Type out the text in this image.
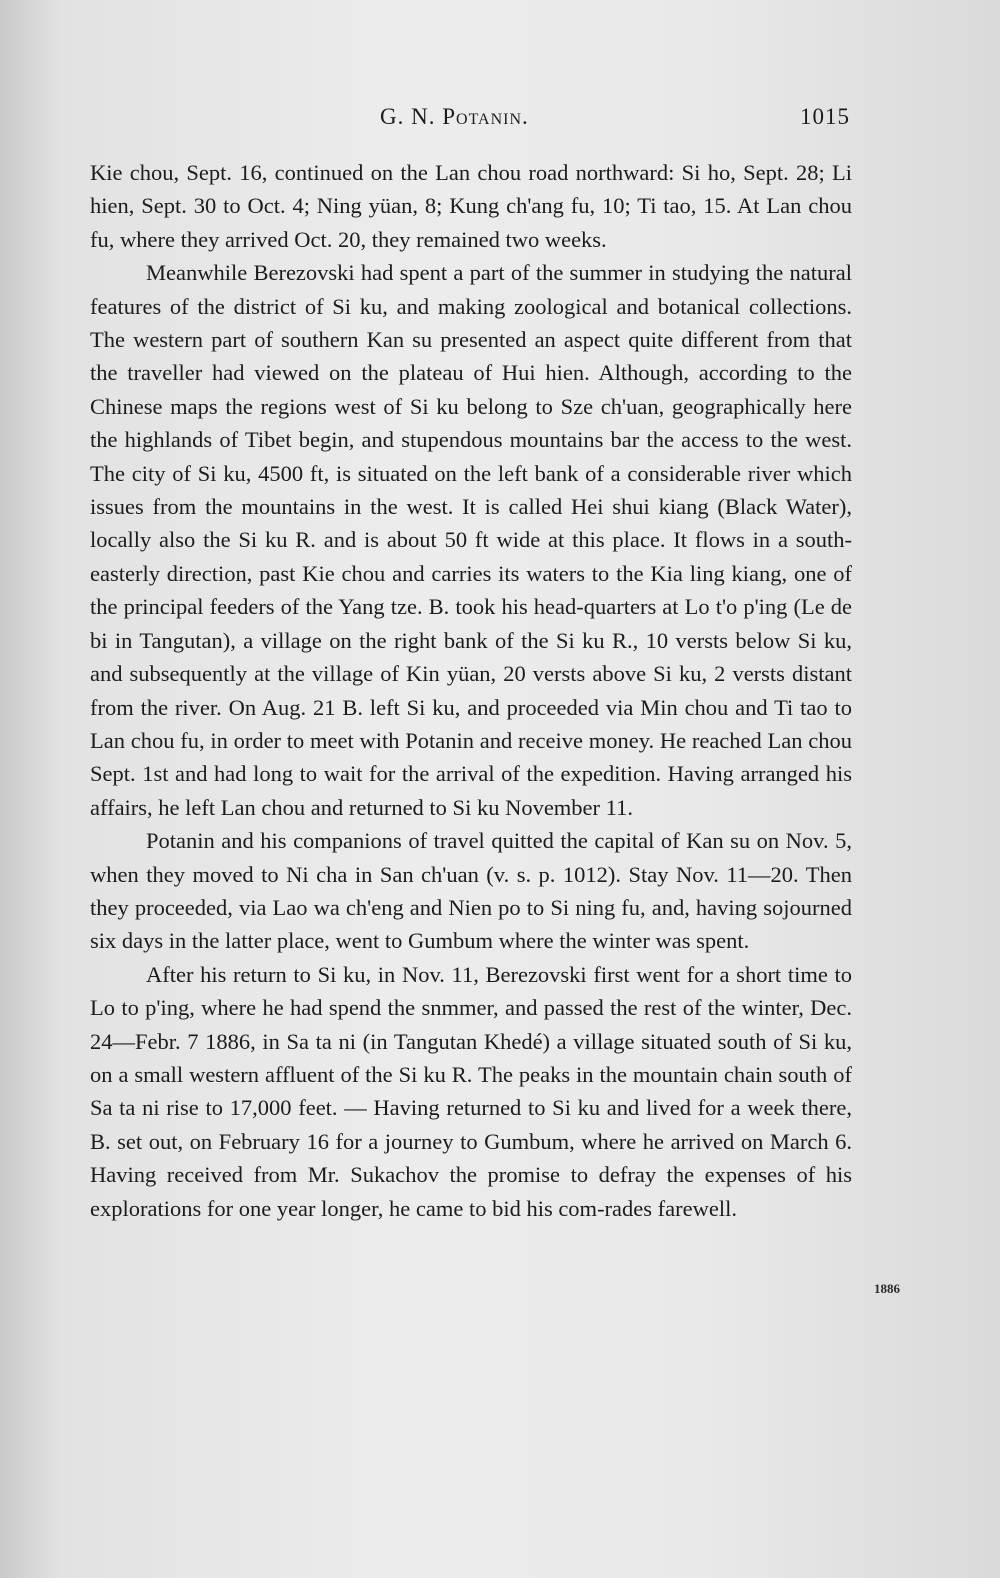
G. N. Potanin.	1015

Kie chou, Sept. 16, continued on the Lan chou road northward: Si ho, Sept. 28; Li hien, Sept. 30 to Oct. 4; Ning yüan, 8; Kung ch'ang fu, 10; Ti tao, 15. At Lan chou fu, where they arrived Oct. 20, they remained two weeks.

Meanwhile Berezovski had spent a part of the summer in studying the natural features of the district of Si ku, and making zoological and botanical collections. The western part of southern Kan su presented an aspect quite different from that the traveller had viewed on the plateau of Hui hien. Although, according to the Chinese maps the regions west of Si ku belong to Sze ch'uan, geographically here the highlands of Tibet begin, and stupendous mountains bar the access to the west. The city of Si ku, 4500 ft, is situated on the left bank of a considerable river which issues from the mountains in the west. It is called Hei shui kiang (Black Water), locally also the Si ku R. and is about 50 ft wide at this place. It flows in a south-easterly direction, past Kie chou and carries its waters to the Kia ling kiang, one of the principal feeders of the Yang tze. B. took his head-quarters at Lo t'o p'ing (Le de bi in Tangutan), a village on the right bank of the Si ku R., 10 versts below Si ku, and subsequently at the village of Kin yüan, 20 versts above Si ku, 2 versts distant from the river. On Aug. 21 B. left Si ku, and proceeded via Min chou and Ti tao to Lan chou fu, in order to meet with Potanin and receive money. He reached Lan chou Sept. 1st and had long to wait for the arrival of the expedition. Having arranged his affairs, he left Lan chou and returned to Si ku November 11.

Potanin and his companions of travel quitted the capital of Kan su on Nov. 5, when they moved to Ni cha in San ch'uan (v. s. p. 1012). Stay Nov. 11—20. Then they proceeded, via Lao wa ch'eng and Nien po to Si ning fu, and, having sojourned six days in the latter place, went to Gumbum where the winter was spent.

After his return to Si ku, in Nov. 11, Berezovski first went for a short time to Lo to p'ing, where he had spend the snmmer, and passed the rest of the winter, Dec. 24—Febr. 7 1886, in Sa ta ni (in Tangutan Khedé) a village situated south of Si ku, on a small western affluent of the Si ku R. The peaks in the mountain chain south of Sa ta ni rise to 17,000 feet. — Having returned to Si ku and lived for a week there, B. set out, on February 16 for a journey to Gumbum, where he arrived on March 6. Having received from Mr. Sukachov the promise to defray the expenses of his explorations for one year longer, he came to bid his com-rades farewell.

1886
